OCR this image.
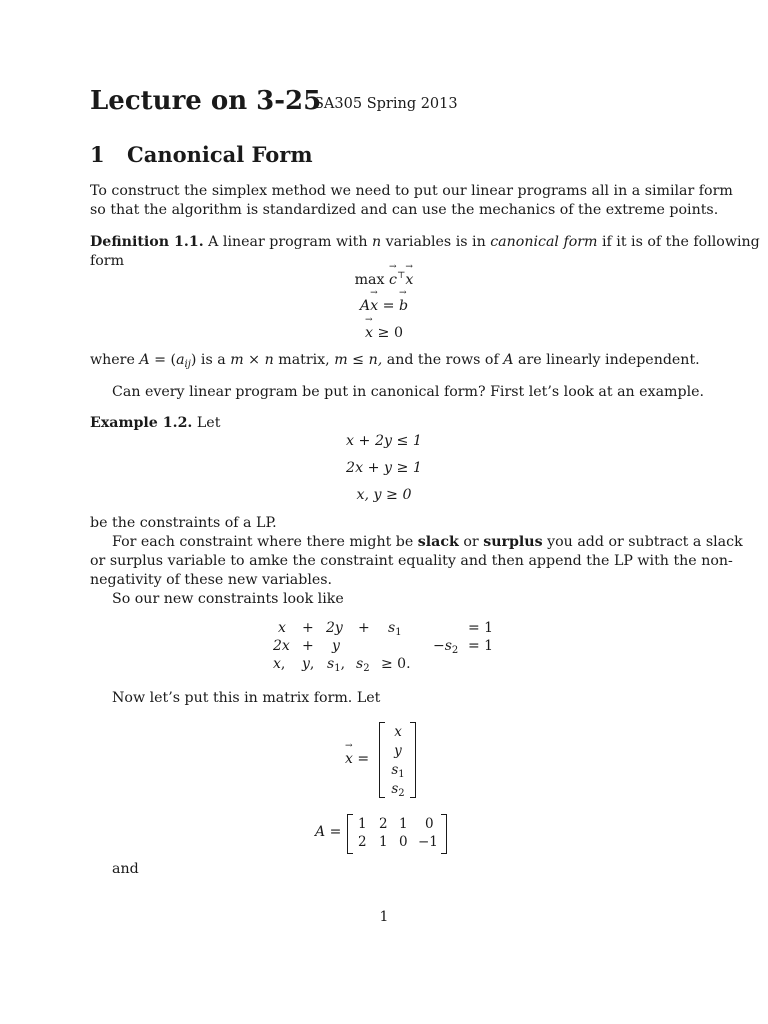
Lecture on 3-25
SA305 Spring 2013
1 Canonical Form
To construct the simplex method we need to put our linear programs all in a similar form
so that the algorithm is standardized and can use the mechanics of the extreme points.
Definition 1.1. A linear program with n variables is in canonical form if it is of the following
form
max → c⊤→ x
A→ x = → b
→ x ≥ 0
where $A = (a_{ij})$ is a m × n matrix, m ≤ n, and the rows of A are linearly independent.
Can every linear program be put in canonical form? First let’s look at an example.
Example 1.2. Let
x + 2y ≤ 1
2x + y ≥ 1
x, y ≥ 0
be the constraints of a LP.
For each constraint where there might be slack or surplus you add or subtract a slack
or surplus variable to amke the constraint equality and then append the LP with the non-
negativity of these new variables.
So our new constraints look like
$x + 2y + s_1$	= 1
2x + y	$-s_2 = 1$
x, y, $s_1$, $s_2 \ge 0$.
Now let’s put this in matrix form. Let
→ x =
x
y
$s_1$
$s_2$
A = 1 2 1 0
2 1 0 −1
and
1
